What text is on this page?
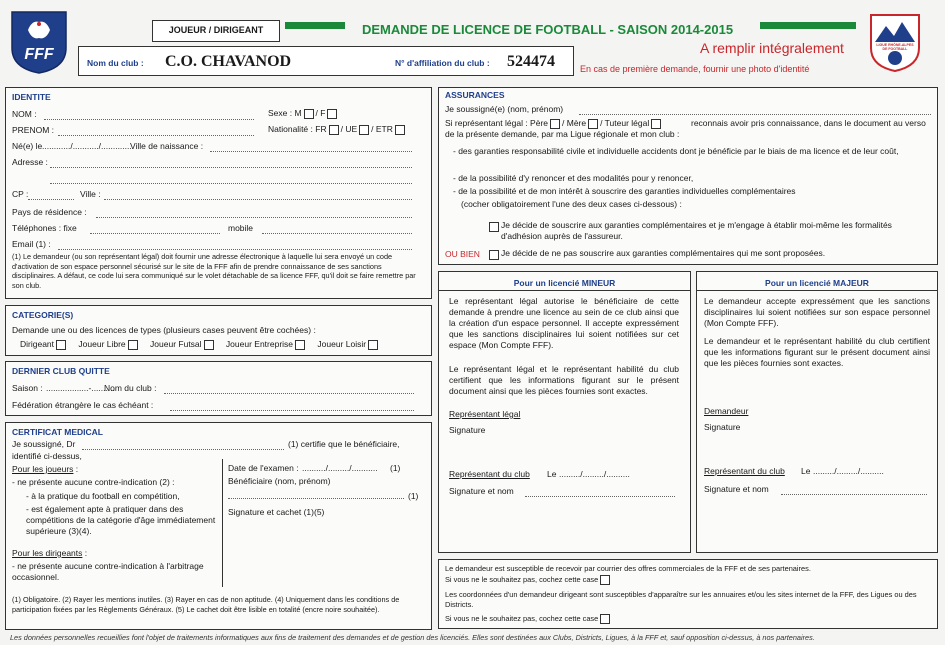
FFF
JOUEUR / DIRIGEANT	DEMANDE DE LICENCE DE FOOTBALL - SAISON 2014-2015
Nom du club : C.O. CHAVANOD	N° d'affiliation du club : 524474
A remplir intégralement
En cas de première demande, fournir une photo d'identité
LIGUE RHÔNE-ALPES DE FOOTBALL
IDENTITE
NOM :	Sexe : M / F
PRENOM :	Nationalité : FR / UE / ETR
Né(e) le ............/.........../..............
Ville de naissance :
Adresse :
CP :	Ville :
Pays de résidence :
Téléphones : fixe	mobile
Email (1) :
(1) Le demandeur (ou son représentant légal) doit fournir une adresse électronique à laquelle lui sera envoyé un code d'activation de son espace personnel sécurisé sur le site de la FFF afin de prendre connaissance de ses sanctions disciplinaires. A défaut, ce code lui sera communiqué sur le volet détachable de sa licence FFF, qu'il doit se faire remettre par son club.
CATEGORIE(S)
Demande une ou des licences de types (plusieurs cases peuvent être cochées) :
Dirigeant	Joueur Libre	Joueur Futsal	Joueur Entreprise	Joueur Loisir
DERNIER CLUB QUITTE
Saison : ..................-..........
Nom du club :
Fédération étrangère le cas échéant :
CERTIFICAT MEDICAL
Je soussigné, Dr	(1) certifie que le bénéficiaire,
identifié ci-dessus,
Pour les joueurs :
- ne présente aucune contre-indication (2) :
- à la pratique du football en compétition,
- est également apte à pratiquer dans des compétitions de la catégorie d'âge immédiatement supérieure (3)(4).
Pour les dirigeants :
- ne présente aucune contre-indication à l'arbitrage occasionnel.
Date de l'examen : ........../........./........... (1)
Bénéficiaire (nom, prénom)
(1)
Signature et cachet (1)(5)
(1) Obligatoire. (2) Rayer les mentions inutiles. (3) Rayer en cas de non aptitude. (4) Uniquement dans les conditions de participation fixées par les Règlements Généraux. (5) Le cachet doit être lisible en totalité (encre noire souhaitée).
ASSURANCES
Je soussigné(e) (nom, prénom)
Si représentant légal : Père / Mère / Tuteur légal	reconnais avoir pris connaissance, dans le document au verso de la présente demande, par ma Ligue régionale et mon club :
- des garanties responsabilité civile et individuelle accidents dont je bénéficie par le biais de ma licence et de leur coût,
- de la possibilité d'y renoncer et des modalités pour y renoncer,
- de la possibilité et de mon intérêt à souscrire des garanties individuelles complémentaires
(cocher obligatoirement l'une des deux cases ci-dessous) :
Je décide de souscrire aux garanties complémentaires et je m'engage à établir moi-même les formalités d'adhésion auprès de l'assureur.
OU BIEN Je décide de ne pas souscrire aux garanties complémentaires qui me sont proposées.
Pour un licencié MINEUR
Le représentant légal autorise le bénéficiaire de cette demande à prendre une licence au sein de ce club ainsi que la création d'un espace personnel. Il accepte expressément que les sanctions disciplinaires lui soient notifiées sur cet espace (Mon Compte FFF).
Le représentant légal et le représentant habilité du club certifient que les informations figurant sur le présent document ainsi que les pièces fournies sont exactes.
Représentant légal
Signature
Représentant du club Le ........./........./..........
Signature et nom
Pour un licencié MAJEUR
Le demandeur accepte expressément que les sanctions disciplinaires lui soient notifiées sur son espace personnel (Mon Compte FFF).
Le demandeur et le représentant habilité du club certifient que les informations figurant sur le présent document ainsi que les pièces fournies sont exactes.
Demandeur
Signature
Représentant du club Le ........./........./..........
Signature et nom
Le demandeur est susceptible de recevoir par courrier des offres commerciales de la FFF et de ses partenaires.
Si vous ne le souhaitez pas, cochez cette case
Les coordonnées d'un demandeur dirigeant sont susceptibles d'apparaître sur les annuaires et/ou les sites internet de la FFF, des Ligues ou des Districts.
Si vous ne le souhaitez pas, cochez cette case
Les données personnelles recueillies font l'objet de traitements informatiques aux fins de traitement des demandes et de gestion des licenciés. Elles sont destinées aux Clubs, Districts, Ligues, à la FFF et, sauf opposition ci-dessus, à nos partenaires.
